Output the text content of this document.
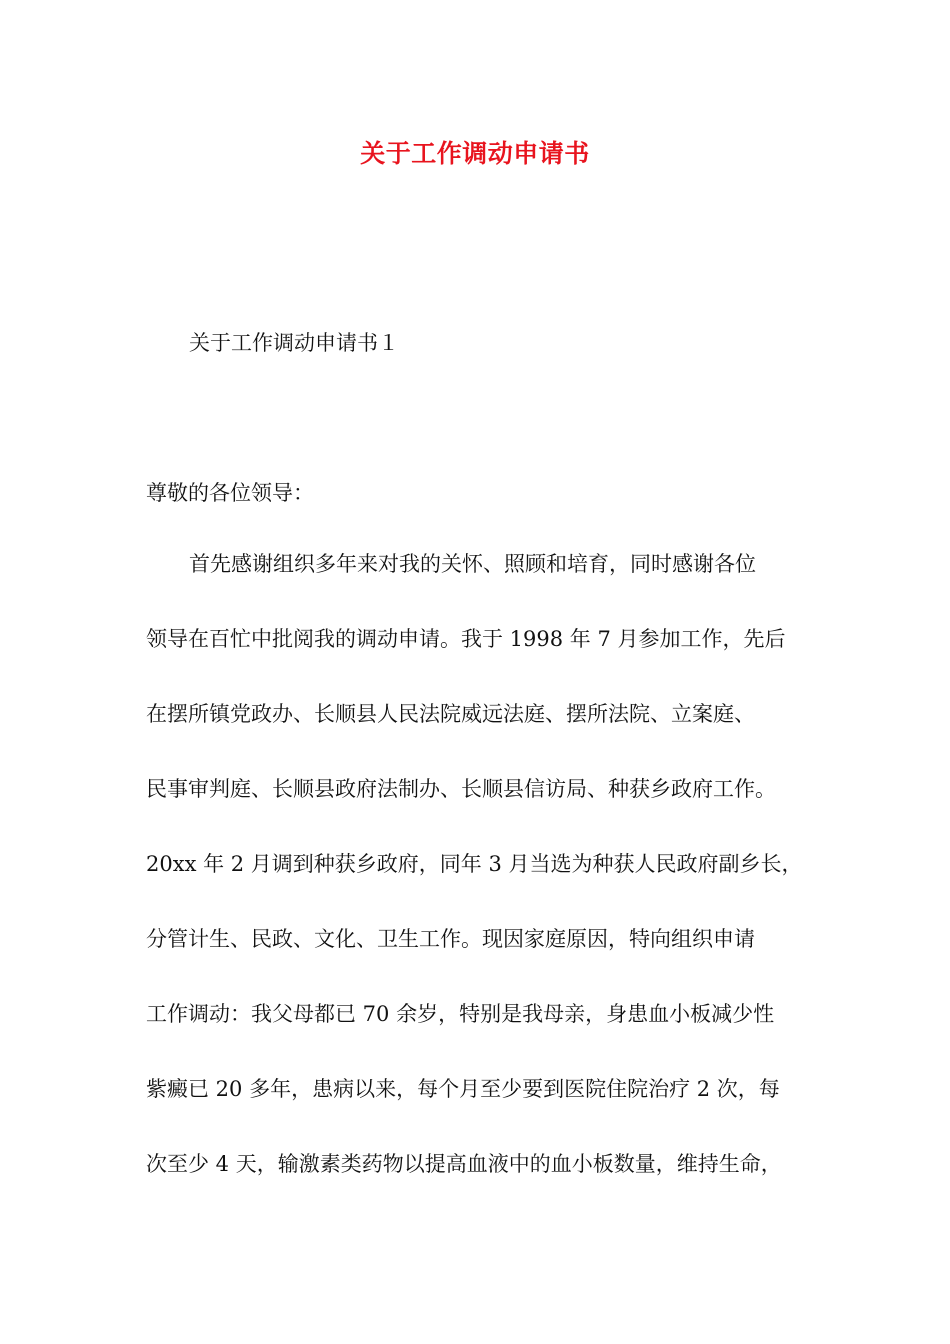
关于工作调动申请书
关于工作调动申请书１
尊敬的各位领导：
首先感谢组织多年来对我的关怀、照顾和培育，同时感谢各位
领导在百忙中批阅我的调动申请。我于 1998 年 7 月参加工作，先后
在摆所镇党政办、长顺县人民法院威远法庭、摆所法院、立案庭、
民事审判庭、长顺县政府法制办、长顺县信访局、种获乡政府工作。
20xx 年 2 月调到种获乡政府，同年 3 月当选为种获人民政府副乡长，
分管计生、民政、文化、卫生工作。现因家庭原因，特向组织申请
工作调动：我父母都已 70 余岁，特别是我母亲，身患血小板减少性
紫癜已 20 多年，患病以来，每个月至少要到医院住院治疗 2 次，每
次至少 4 天，输激素类药物以提高血液中的血小板数量，维持生命，
